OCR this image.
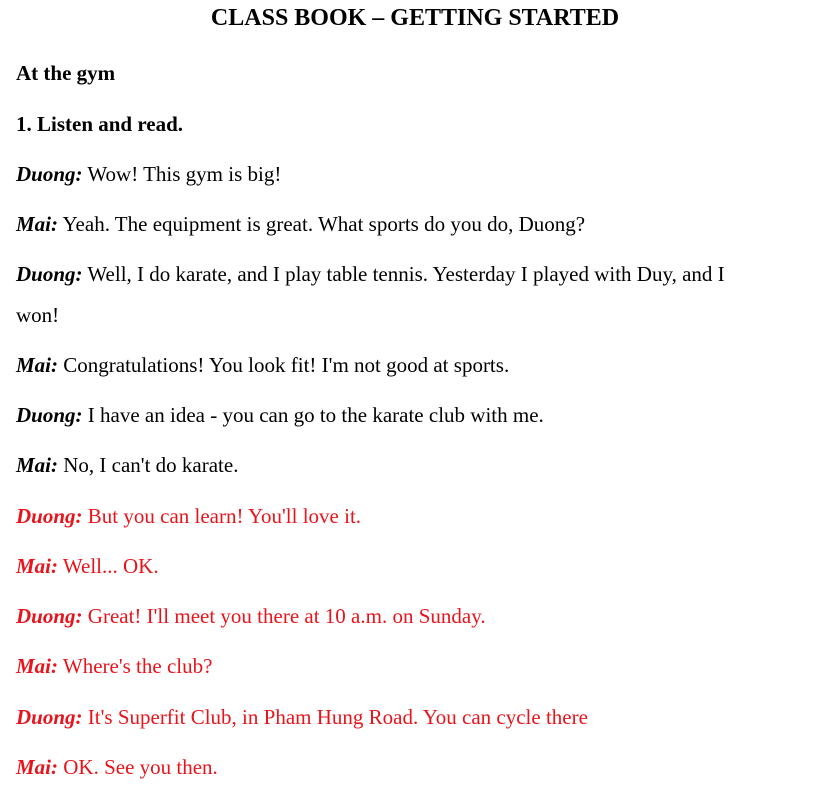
CLASS BOOK – GETTING STARTED
At the gym
1. Listen and read.
Duong: Wow! This gym is big!
Mai: Yeah. The equipment is great. What sports do you do, Duong?
Duong: Well, I do karate, and I play table tennis. Yesterday I played with Duy, and I
won!
Mai: Congratulations! You look fit! I'm not good at sports.
Duong: I have an idea - you can go to the karate club with me.
Mai: No, I can't do karate.
Duong: But you can learn! You'll love it.
Mai: Well... OK.
Duong: Great! I'll meet you there at 10 a.m. on Sunday.
Mai: Where's the club?
Duong: It's Superfit Club, in Pham Hung Road. You can cycle there
Mai: OK. See you then.
